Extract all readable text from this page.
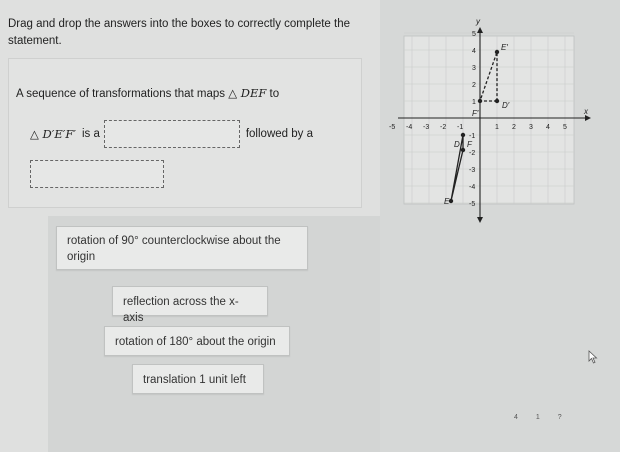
Drag and drop the answers into the boxes to correctly complete the statement.
A sequence of transformations that maps △ DEF to
△ D′E′F′ is a	followed by a
rotation of 90° counterclockwise about the origin
reflection across the x-axis
rotation of 180° about the origin
translation 1 unit left
x
y
-5 -4 -3 -2 -1	1 2 3 4 5
5
4
3
2
1
-1
-2
-3
-4
-5
D F
E
D′
F′
E′
4	1	?
